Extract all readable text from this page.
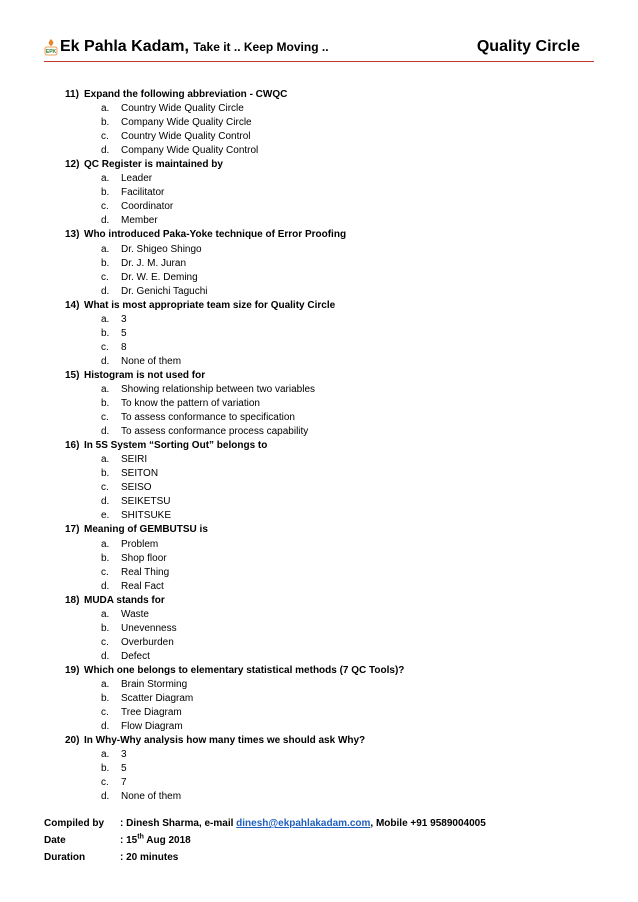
EPK Ek Pahla Kadam, Take it .. Keep Moving ..	Quality Circle
11) Expand the following abbreviation - CWQC
a. Country Wide Quality Circle
b. Company Wide Quality Circle
c. Country Wide Quality Control
d. Company Wide Quality Control
12) QC Register is maintained by
a. Leader
b. Facilitator
c. Coordinator
d. Member
13) Who introduced Paka-Yoke technique of Error Proofing
a. Dr. Shigeo Shingo
b. Dr. J. M. Juran
c. Dr. W. E. Deming
d. Dr. Genichi Taguchi
14) What is most appropriate team size for Quality Circle
a. 3
b. 5
c. 8
d. None of them
15) Histogram is not used for
a. Showing relationship between two variables
b. To know the pattern of variation
c. To assess conformance to specification
d. To assess conformance process capability
16) In 5S System “Sorting Out” belongs to
a. SEIRI
b. SEITON
c. SEISO
d. SEIKETSU
e. SHITSUKE
17) Meaning of GEMBUTSU is
a. Problem
b. Shop floor
c. Real Thing
d. Real Fact
18) MUDA stands for
a. Waste
b. Unevenness
c. Overburden
d. Defect
19) Which one belongs to elementary statistical methods (7 QC Tools)?
a. Brain Storming
b. Scatter Diagram
c. Tree Diagram
d. Flow Diagram
20) In Why-Why analysis how many times we should ask Why?
a. 3
b. 5
c. 7
d. None of them
Compiled by : Dinesh Sharma, e-mail dinesh@ekpahlakadam.com, Mobile +91 9589004005
Date	: 15th Aug 2018
Duration	: 20 minutes
